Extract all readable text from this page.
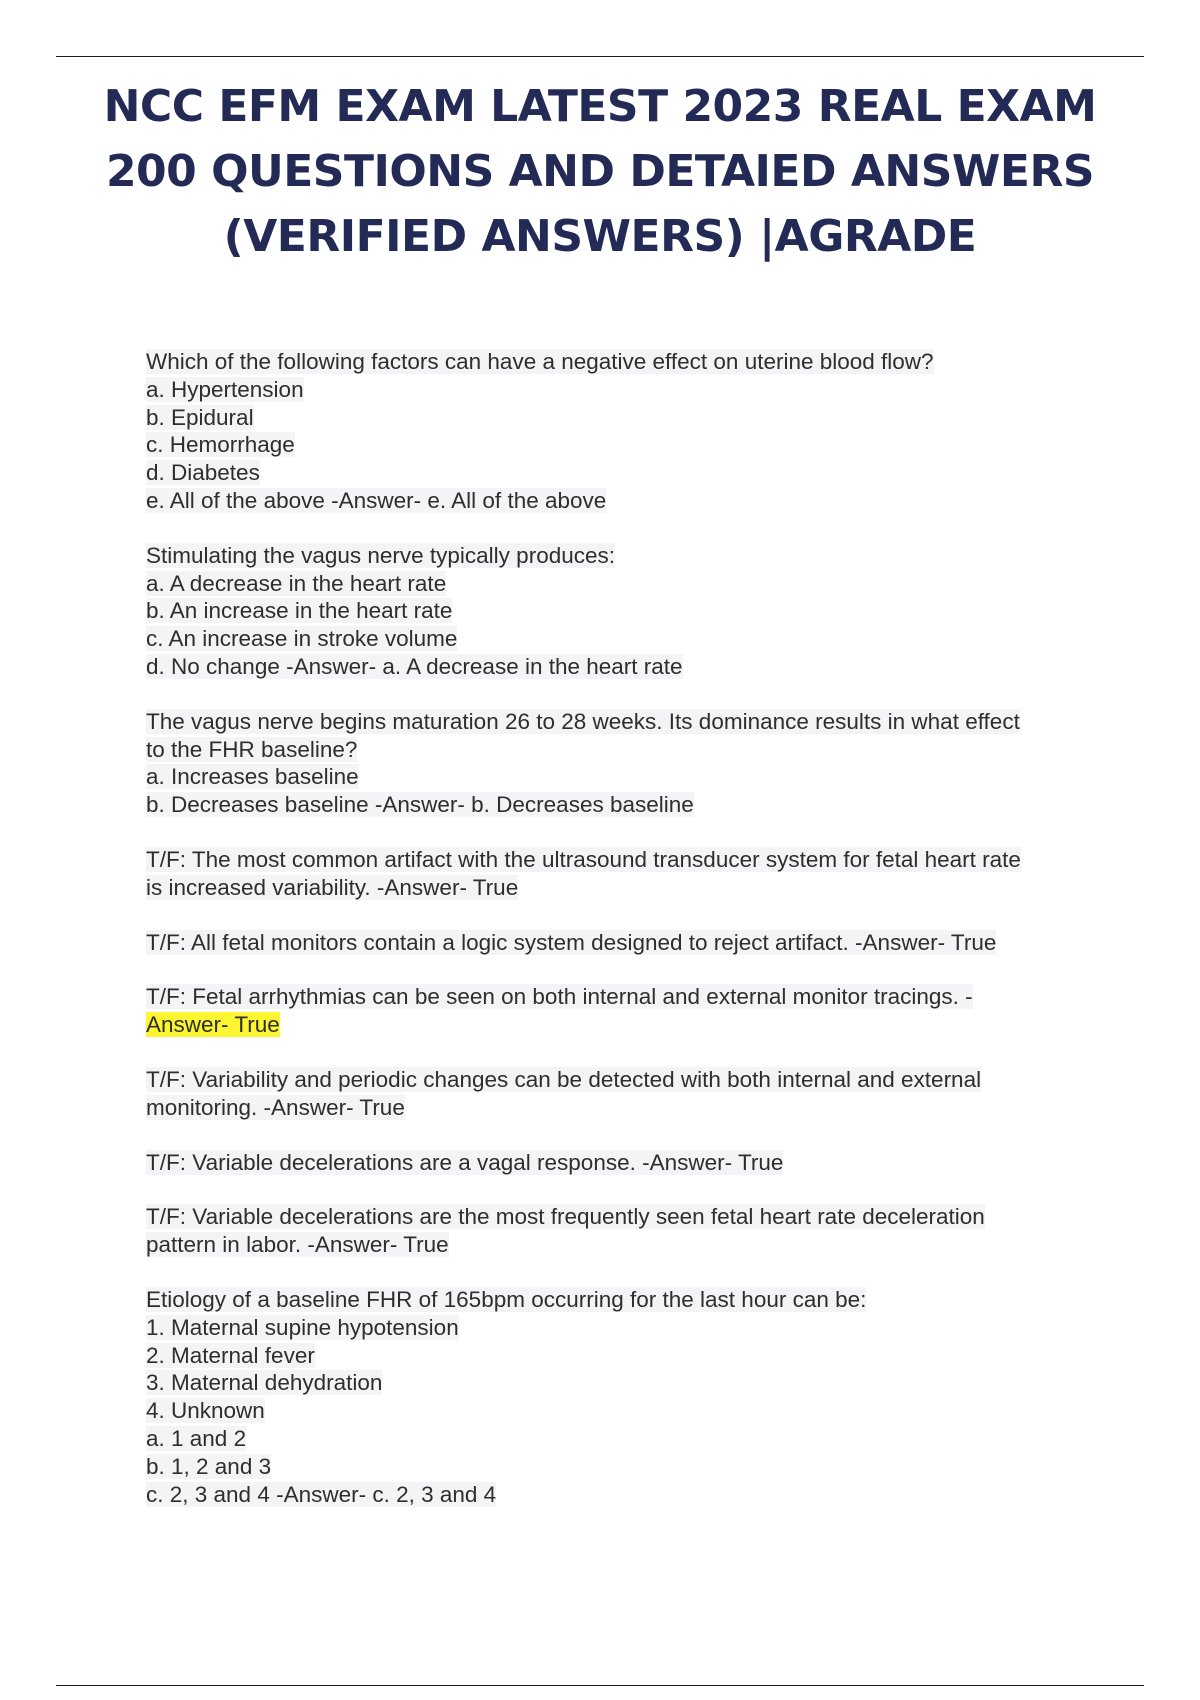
NCC EFM EXAM LATEST 2023 REAL EXAM
200 QUESTIONS AND DETAIED ANSWERS
(VERIFIED ANSWERS) |AGRADE
Which of the following factors can have a negative effect on uterine blood flow?
a. Hypertension
b. Epidural
c. Hemorrhage
d. Diabetes
e. All of the above -Answer- e. All of the above
Stimulating the vagus nerve typically produces:
a. A decrease in the heart rate
b. An increase in the heart rate
c. An increase in stroke volume
d. No change -Answer- a. A decrease in the heart rate
The vagus nerve begins maturation 26 to 28 weeks. Its dominance results in what effect
to the FHR baseline?
a. Increases baseline
b. Decreases baseline -Answer- b. Decreases baseline
T/F: The most common artifact with the ultrasound transducer system for fetal heart rate
is increased variability. -Answer- True
T/F: All fetal monitors contain a logic system designed to reject artifact. -Answer- True
T/F: Fetal arrhythmias can be seen on both internal and external monitor tracings. -
Answer- True
T/F: Variability and periodic changes can be detected with both internal and external
monitoring. -Answer- True
T/F: Variable decelerations are a vagal response. -Answer- True
T/F: Variable decelerations are the most frequently seen fetal heart rate deceleration
pattern in labor. -Answer- True
Etiology of a baseline FHR of 165bpm occurring for the last hour can be:
1. Maternal supine hypotension
2. Maternal fever
3. Maternal dehydration
4. Unknown
a. 1 and 2
b. 1, 2 and 3
c. 2, 3 and 4 -Answer- c. 2, 3 and 4
